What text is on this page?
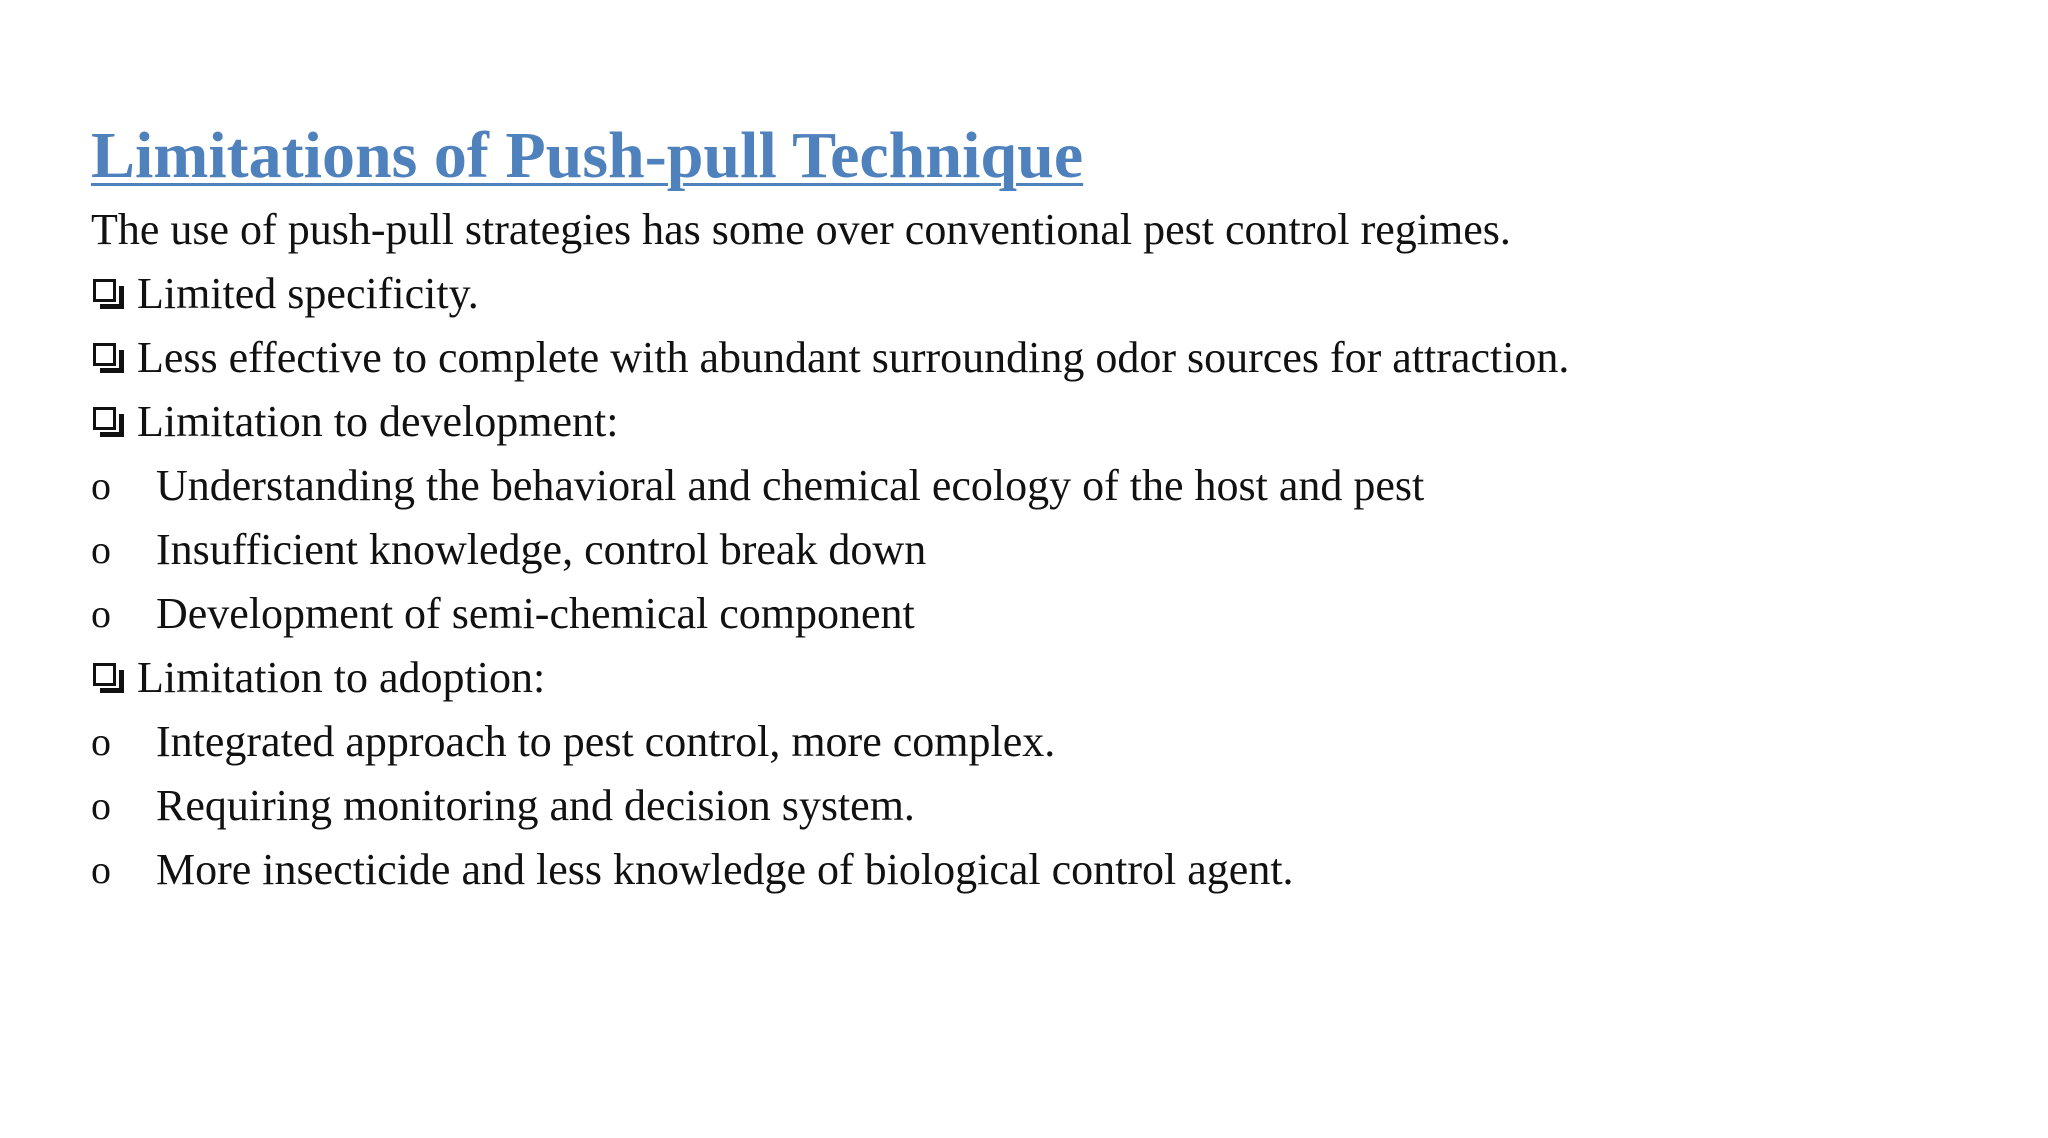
Limitations of Push-pull Technique
The use of push-pull strategies has some over conventional pest control regimes.
Limited specificity.
Less effective to complete with abundant surrounding odor sources for attraction.
Limitation to development:
o	Understanding the behavioral and chemical ecology of the host and pest
o	Insufficient knowledge, control break down
o	Development of semi-chemical component
Limitation to adoption:
o	Integrated approach to pest control, more complex.
o	Requiring monitoring and decision system.
o	More insecticide and less knowledge of biological control agent.
